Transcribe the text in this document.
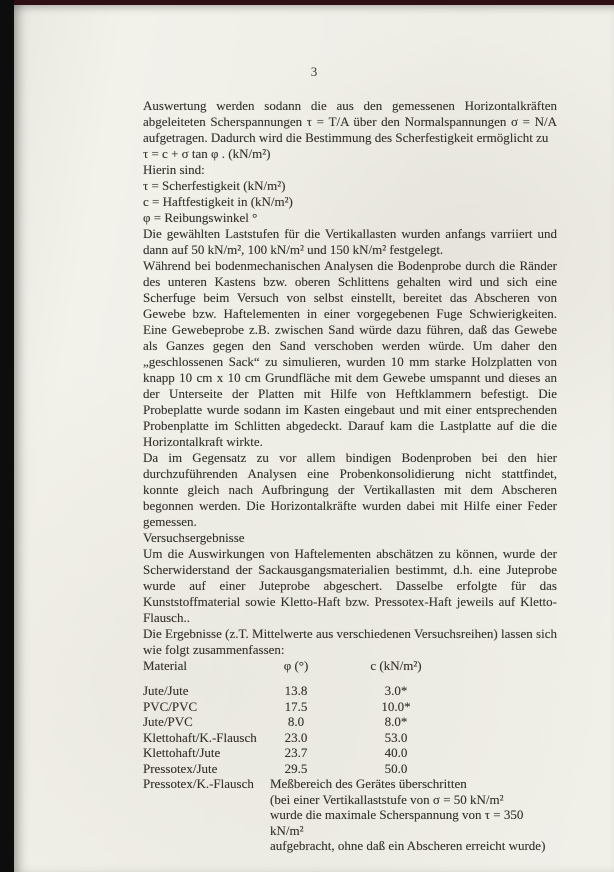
3

Auswertung werden sodann die aus den gemessenen Horizontalkräften abgeleiteten Scherspannungen τ = T/A über den Normalspannungen σ = N/A aufgetragen. Dadurch wird die Bestimmung des Scherfestigkeit ermöglicht zu

τ = c + σ tan φ . (kN/m²)

Hierin sind:

τ = Scherfestigkeit (kN/m²)
c = Haftfestigkeit in (kN/m²)
φ = Reibungswinkel °

Die gewählten Laststufen für die Vertikallasten wurden anfangs varriiert und dann auf 50 kN/m², 100 kN/m² und 150 kN/m² festgelegt.

Während bei bodenmechanischen Analysen die Bodenprobe durch die Ränder des unteren Kastens bzw. oberen Schlittens gehalten wird und sich eine Scherfuge beim Versuch von selbst einstellt, bereitet das Abscheren von Gewebe bzw. Haftelementen in einer vorgegebenen Fuge Schwierigkeiten. Eine Gewebeprobe z.B. zwischen Sand würde dazu führen, daß das Gewebe als Ganzes gegen den Sand verschoben werden würde. Um daher den „geschlossenen Sack“ zu simulieren, wurden 10 mm starke Holzplatten von knapp 10 cm x 10 cm Grundfläche mit dem Gewebe umspannt und dieses an der Unterseite der Platten mit Hilfe von Heftklammern befestigt. Die Probeplatte wurde sodann im Kasten eingebaut und mit einer entsprechenden Probenplatte im Schlitten abgedeckt. Darauf kam die Lastplatte auf die die Horizontalkraft wirkte.

Da im Gegensatz zu vor allem bindigen Bodenproben bei den hier durchzuführenden Analysen eine Probenkonsolidierung nicht stattfindet, konnte gleich nach Aufbringung der Vertikallasten mit dem Abscheren begonnen werden. Die Horizontalkräfte wurden dabei mit Hilfe einer Feder gemessen.

Versuchsergebnisse

Um die Auswirkungen von Haftelementen abschätzen zu können, wurde der Scherwiderstand der Sackausgangsmaterialien bestimmt, d.h. eine Juteprobe wurde auf einer Juteprobe abgeschert. Dasselbe erfolgte für das Kunststoffmaterial sowie Kletto-Haft bzw. Pressotex-Haft jeweils auf Kletto-Flausch..

Die Ergebnisse (z.T. Mittelwerte aus verschiedenen Versuchsreihen) lassen sich wie folgt zusammenfassen:

Material	φ (°)	c (kN/m²)
Jute/Jute	13.8	3.0*
PVC/PVC	17.5	10.0*
Jute/PVC	8.0	8.0*
Klettohaft/K.-Flausch	23.0	53.0
Klettohaft/Jute	23.7	40.0
Pressotex/Jute	29.5	50.0
Pressotex/K.-Flausch	Meßbereich des Gerätes überschritten
(bei einer Vertikallaststufe von σ = 50 kN/m²
wurde die maximale Scherspannung von τ = 350 kN/m²
aufgebracht, ohne daß ein Abscheren erreicht wurde)
